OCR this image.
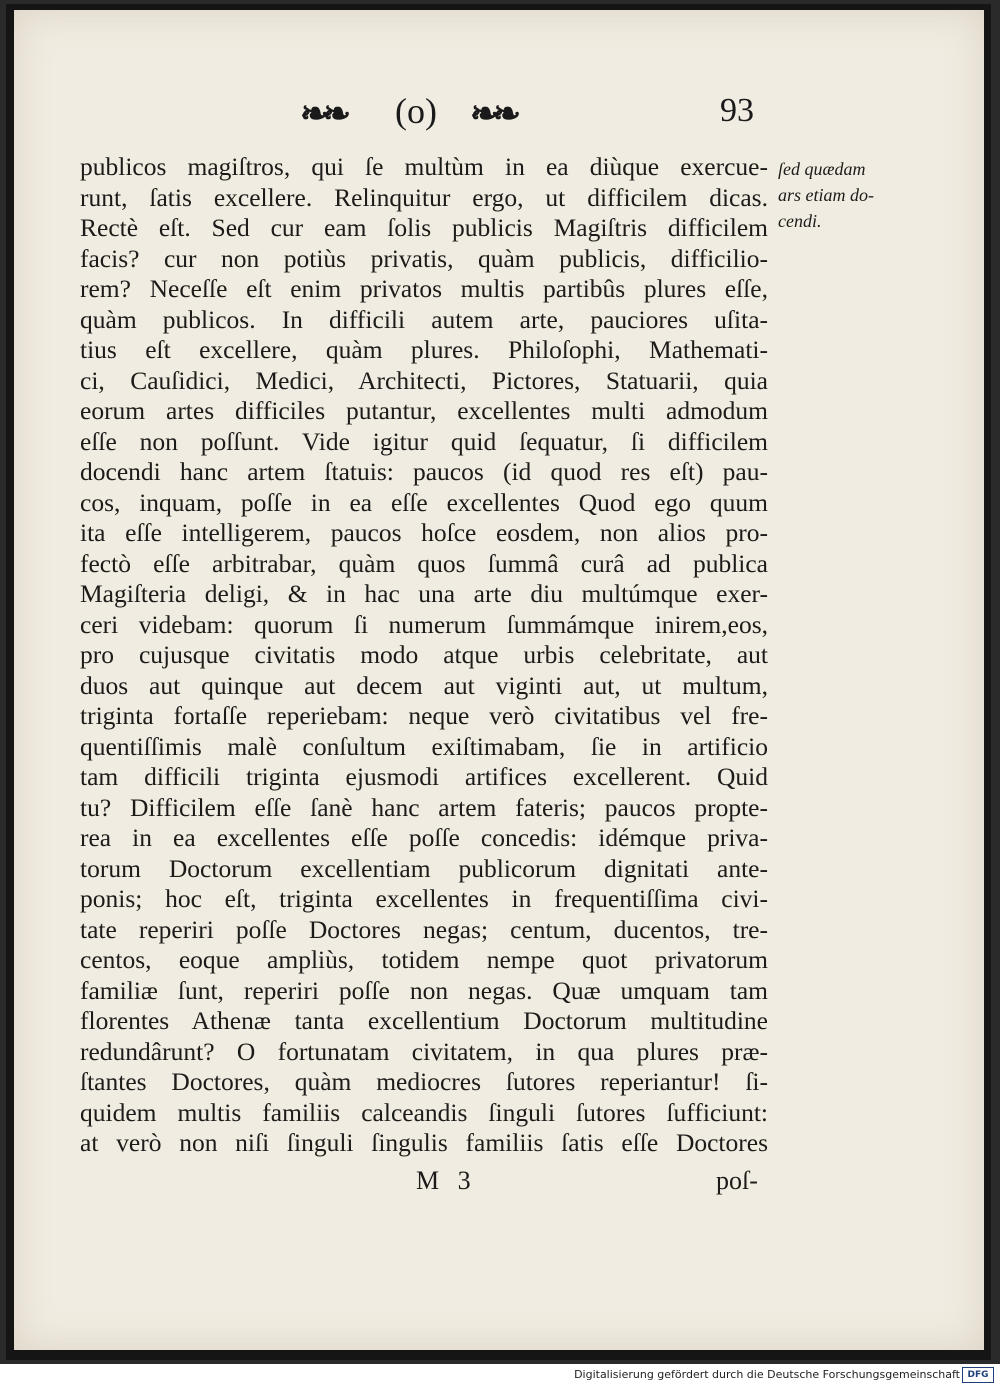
❧❧ (o) ❧❧	93
publicos magiſtros, qui ſe multùm in ea diùque exercue-
runt, ſatis excellere. Relinquitur ergo, ut difficilem dicas.
Rectè eſt. Sed cur eam ſolis publicis Magiſtris difficilem
facis? cur non potiùs privatis, quàm publicis, difficilio-
rem? Neceſſe eſt enim privatos multis partibûs plures eſſe,
quàm publicos. In difficili autem arte, pauciores uſita-
tius eſt excellere, quàm plures. Philoſophi, Mathemati-
ci, Cauſidici, Medici, Architecti, Pictores, Statuarii, quia
eorum artes difficiles putantur, excellentes multi admodum
eſſe non poſſunt. Vide igitur quid ſequatur, ſi difficilem
docendi hanc artem ſtatuis: paucos (id quod res eſt) pau-
cos, inquam, poſſe in ea eſſe excellentes Quod ego quum
ita eſſe intelligerem, paucos hoſce eosdem, non alios pro-
fectò eſſe arbitrabar, quàm quos ſummâ curâ ad publica
Magiſteria deligi, & in hac una arte diu multúmque exer-
ceri videbam: quorum ſi numerum ſummámque inirem,eos,
pro cujusque civitatis modo atque urbis celebritate, aut
duos aut quinque aut decem aut viginti aut, ut multum,
triginta fortaſſe reperiebam: neque verò civitatibus vel fre-
quentiſſimis malè conſultum exiſtimabam, ſie in artificio
tam difficili triginta ejusmodi artifices excellerent. Quid
tu? Difficilem eſſe ſanè hanc artem fateris; paucos propte-
rea in ea excellentes eſſe poſſe concedis: idémque priva-
torum Doctorum excellentiam publicorum dignitati ante-
ponis; hoc eſt, triginta excellentes in frequentiſſima civi-
tate reperiri poſſe Doctores negas; centum, ducentos, tre-
centos, eoque ampliùs, totidem nempe quot privatorum
familiæ ſunt, reperiri poſſe non negas. Quæ umquam tam
florentes Athenæ tanta excellentium Doctorum multitudine
redundârunt? O fortunatam civitatem, in qua plures præ-
ſtantes Doctores, quàm mediocres ſutores reperiantur! ſi-
quidem multis familiis calceandis ſinguli ſutores ſufficiunt:
at verò non niſi ſinguli ſingulis familiis ſatis eſſe Doctores
ſed quædam
ars etiam do-
cendi.
M 3	poſ-
Digitalisierung gefördert durch die Deutsche Forschungsgemeinschaft DFG
